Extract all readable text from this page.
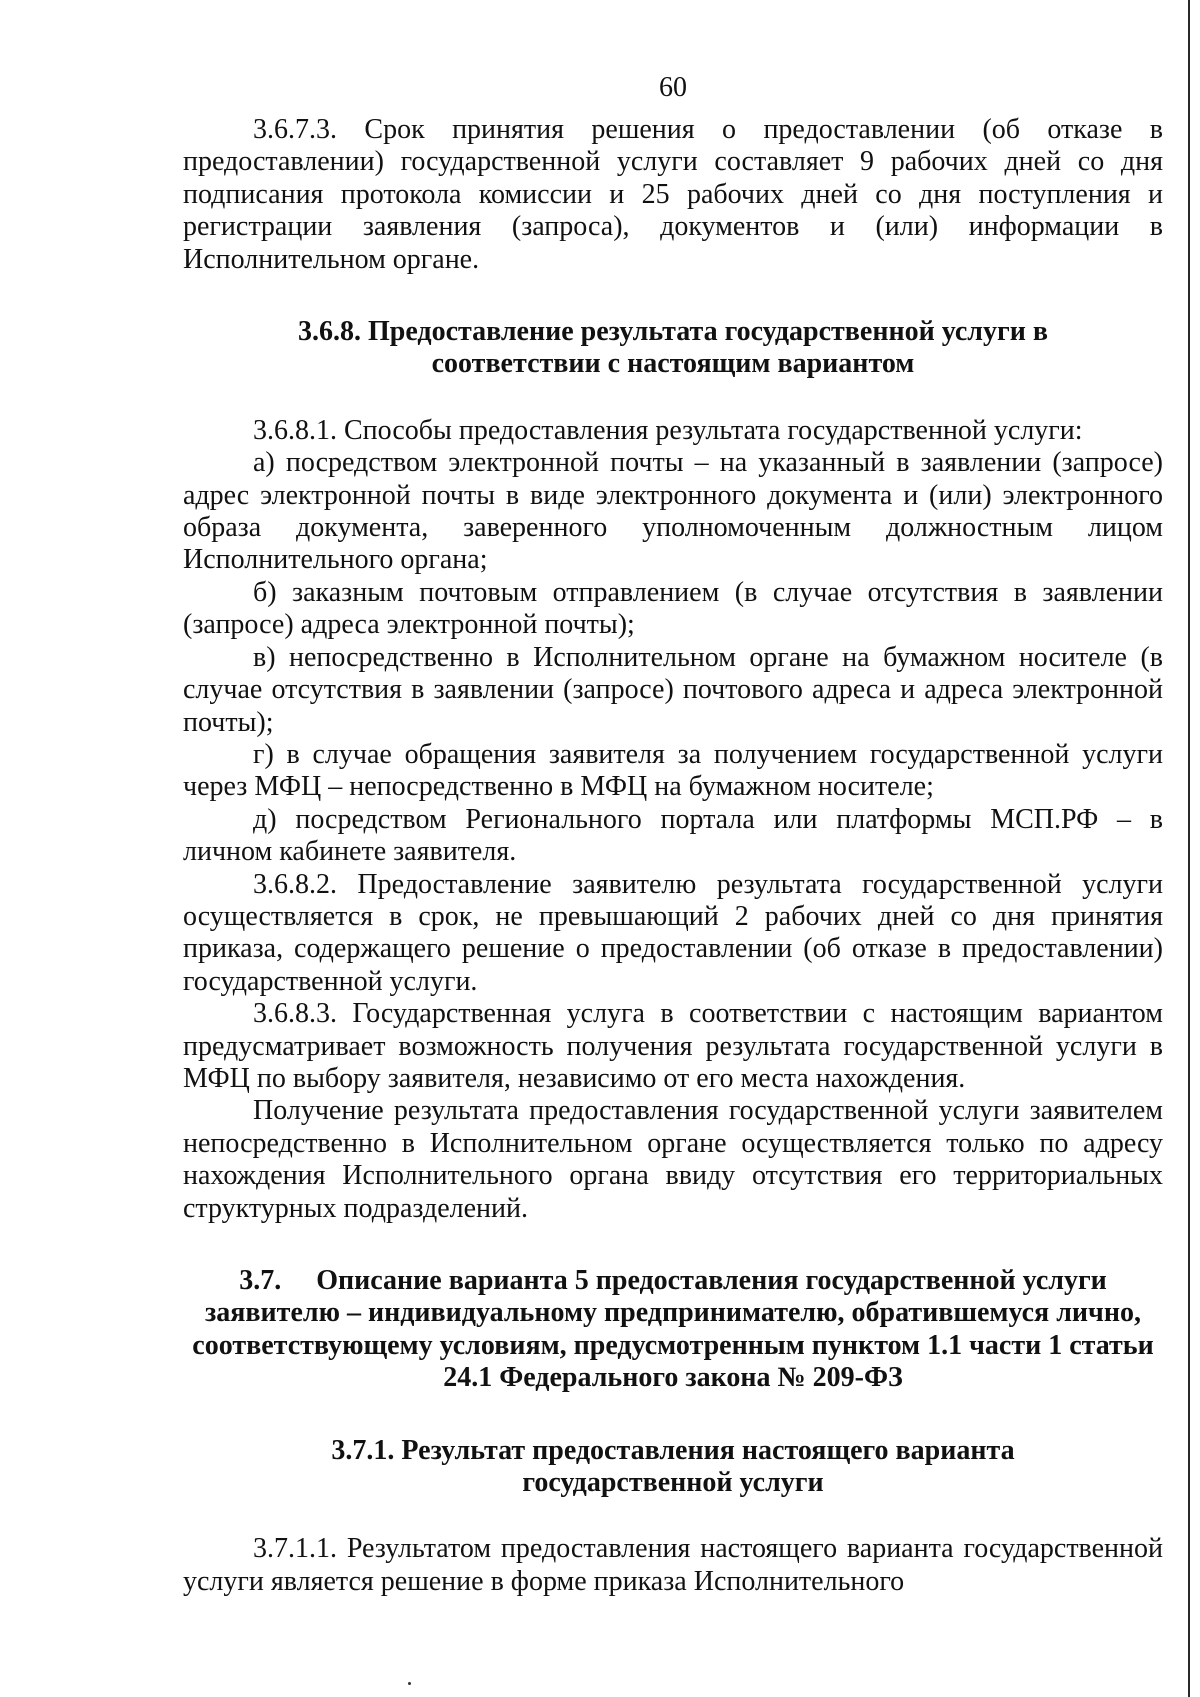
60

3.6.7.3. Срок принятия решения о предоставлении (об отказе в предоставлении) государственной услуги составляет 9 рабочих дней со дня подписания протокола комиссии и 25 рабочих дней со дня поступления и регистрации заявления (запроса), документов и (или) информации в Исполнительном органе.

3.6.8. Предоставление результата государственной услуги в соответствии с настоящим вариантом

3.6.8.1. Способы предоставления результата государственной услуги:

а) посредством электронной почты – на указанный в заявлении (запросе) адрес электронной почты в виде электронного документа и (или) электронного образа документа, заверенного уполномоченным должностным лицом Исполнительного органа;

б) заказным почтовым отправлением (в случае отсутствия в заявлении (запросе) адреса электронной почты);

в) непосредственно в Исполнительном органе на бумажном носителе (в случае отсутствия в заявлении (запросе) почтового адреса и адреса электронной почты);

г) в случае обращения заявителя за получением государственной услуги через МФЦ – непосредственно в МФЦ на бумажном носителе;

д) посредством Регионального портала или платформы МСП.РФ – в личном кабинете заявителя.

3.6.8.2. Предоставление заявителю результата государственной услуги осуществляется в срок, не превышающий 2 рабочих дней со дня принятия приказа, содержащего решение о предоставлении (об отказе в предоставлении) государственной услуги.

3.6.8.3. Государственная услуга в соответствии с настоящим вариантом предусматривает возможность получения результата государственной услуги в МФЦ по выбору заявителя, независимо от его места нахождения.

Получение результата предоставления государственной услуги заявителем непосредственно в Исполнительном органе осуществляется только по адресу нахождения Исполнительного органа ввиду отсутствия его территориальных структурных подразделений.

3.7.     Описание варианта 5 предоставления государственной услуги заявителю – индивидуальному предпринимателю, обратившемуся лично, соответствующему условиям, предусмотренным пунктом 1.1 части 1 статьи 24.1 Федерального закона № 209-ФЗ

3.7.1. Результат предоставления настоящего варианта государственной услуги

3.7.1.1. Результатом предоставления настоящего варианта государственной услуги является решение в форме приказа Исполнительного
